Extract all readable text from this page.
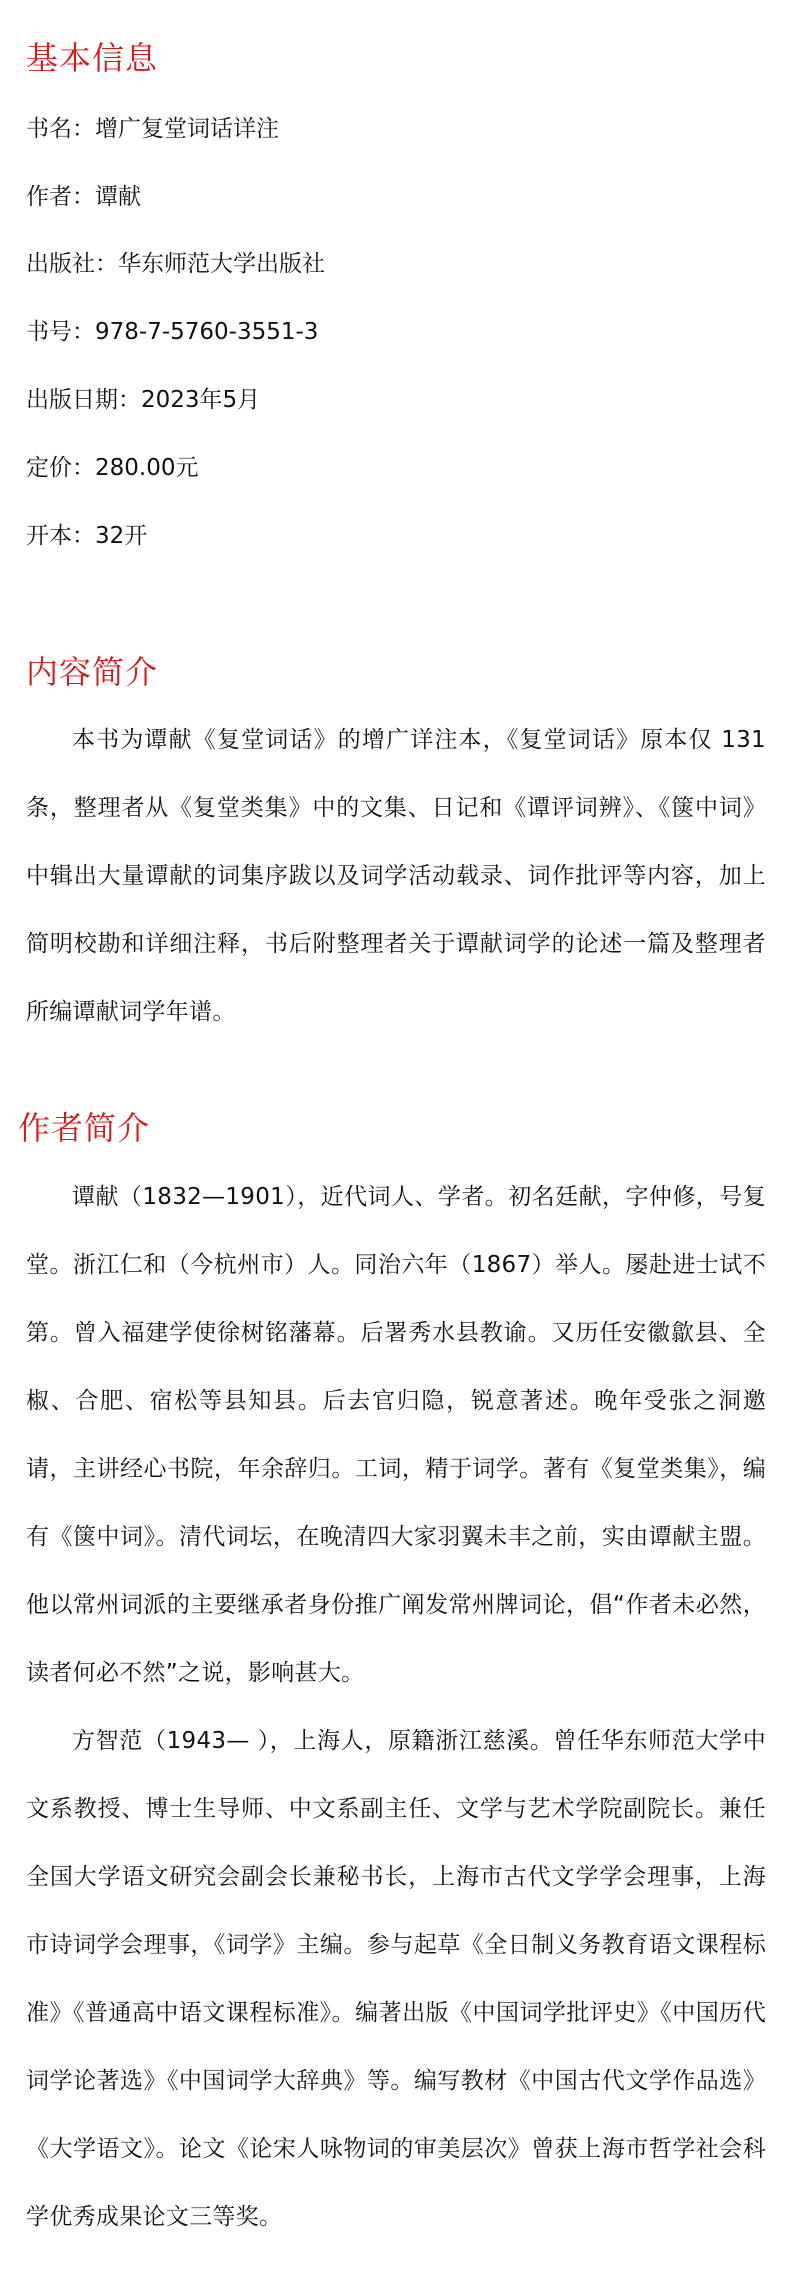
基本信息

书名：增广复堂词话详注

作者：谭献

出版社：华东师范大学出版社

书号：978-7-5760-3551-3

出版日期：2023年5月

定价：280.00元

开本：32开

内容简介

本书为谭献《复堂词话》的增广详注本，《复堂词话》原本仅 131 条，整理者从《复堂类集》中的文集、日记和《谭评词辨》、《箧中词》中辑出大量谭献的词集序跋以及词学活动载录、词作批评等内容，加上简明校勘和详细注释，书后附整理者关于谭献词学的论述一篇及整理者所编谭献词学年谱。

作者简介

谭献（1832—1901），近代词人、学者。初名廷献，字仲修，号复堂。浙江仁和（今杭州市）人。同治六年（1867）举人。屡赴进士试不第。曾入福建学使徐树铭藩幕。后署秀水县教谕。又历任安徽歙县、全椒、合肥、宿松等县知县。后去官归隐，锐意著述。晚年受张之洞邀请，主讲经心书院，年余辞归。工词，精于词学。著有《复堂类集》，编有《箧中词》。清代词坛，在晚清四大家羽翼未丰之前，实由谭献主盟。他以常州词派的主要继承者身份推广阐发常州牌词论，倡“作者未必然，读者何必不然”之说，影响甚大。

方智范（1943— ），上海人，原籍浙江慈溪。曾任华东师范大学中文系教授、博士生导师、中文系副主任、文学与艺术学院副院长。兼任全国大学语文研究会副会长兼秘书长，上海市古代文学学会理事，上海市诗词学会理事，《词学》主编。参与起草《全日制义务教育语文课程标准》《普通高中语文课程标准》。编著出版《中国词学批评史》《中国历代词学论著选》《中国词学大辞典》等。编写教材《中国古代文学作品选》《大学语文》。论文《论宋人咏物词的审美层次》曾获上海市哲学社会科学优秀成果论文三等奖。
